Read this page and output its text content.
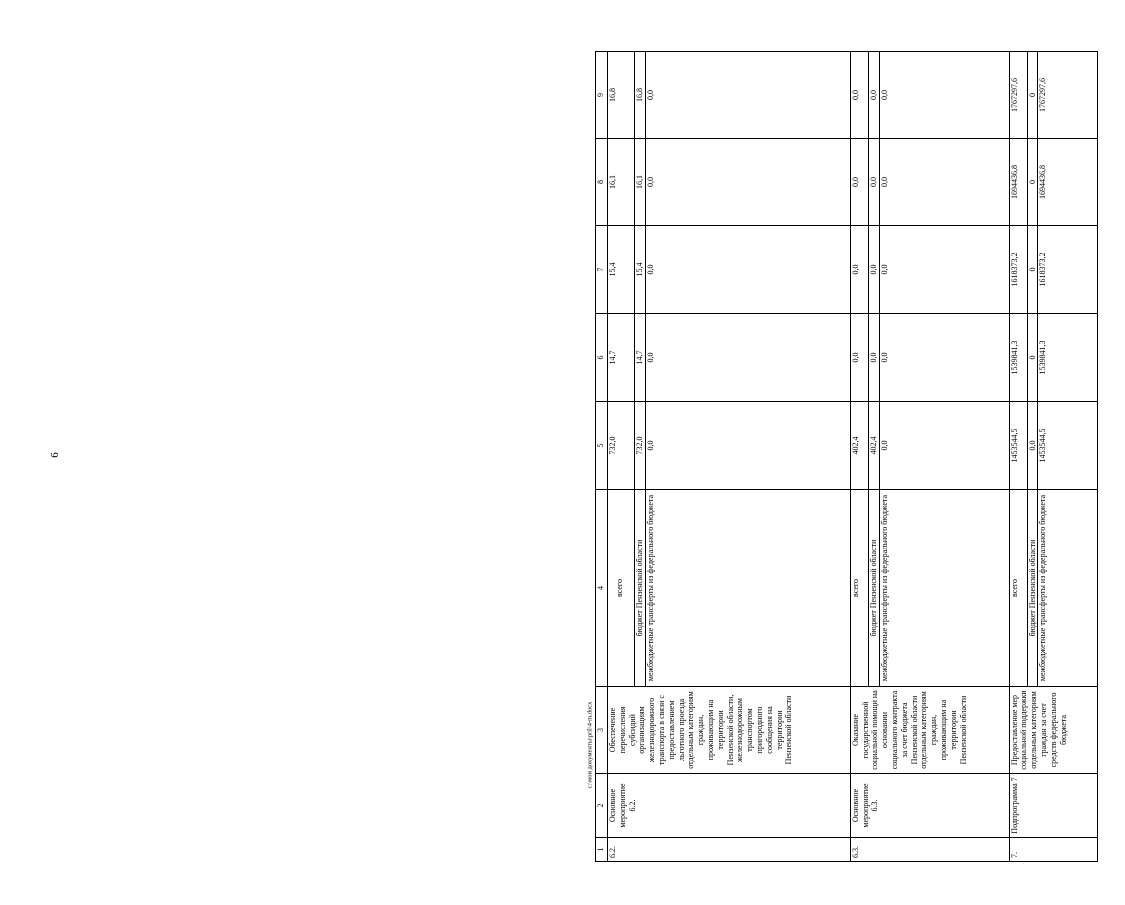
6
1	2	3	4	5	6	7	8	9
6.2.	Основное мероприятие 6.2.	Обеспечение перечисления субсидий организациям железнодорожного транспорта в связи с предоставлением льготного проезда отдельным категориям граждан, проживающим на территории Пензенской области, железнодорожным транспортом пригородного сообщения на территории Пензенской области	всего	732,0	14,7	15,4	16,1	16,8
			бюджет Пензенской области	732,0	14,7	15,4	16,1	16,8
			межбюджетные трансферты из федерального бюджета	0,0	0,0	0,0	0,0	0,0
6.3.	Основное мероприятие 6.3.	Оказание государственной социальной помощи на основании социального контракта за счет бюджета Пензенской области отдельным категориям граждан, проживающим на территории Пензенской области	всего	402,4	0,0	0,0	0,0	0,0
			бюджет Пензенской области	402,4	0,0	0,0	0,0	0,0
			межбюджетные трансферты из федерального бюджета	0,0	0,0	0,0	0,0	0,0
7.	Подпрограмма 7	Предоставление мер социальной поддержки отдельным категориям граждан за счет средств федерального бюджета	всего	1453544,5	1539841,3	1618373,2	1694436,8	1767297,6
			бюджет Пензенской области	0,0	0	0	0	0
			межбюджетные трансферты из федерального бюджета	1453544,5	1539841,3	1618373,2	1694436,8	1767297,6
c:\мои документы\pril\4-m.docx
